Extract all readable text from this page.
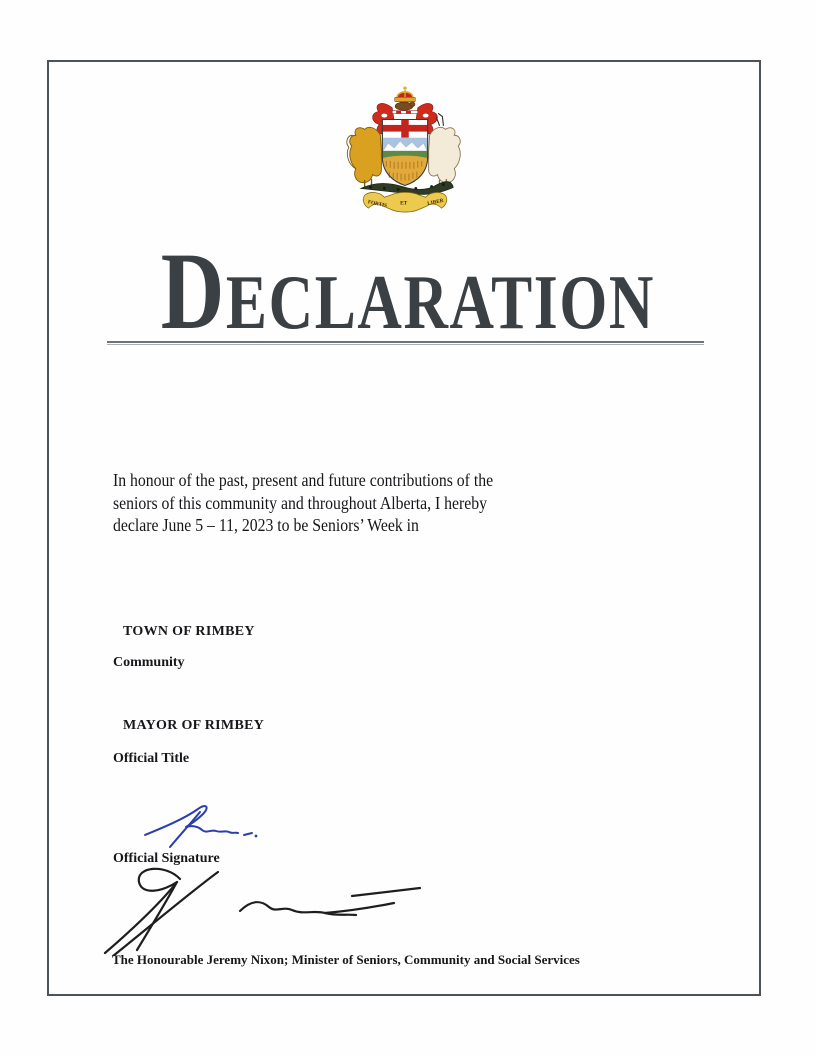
FORTIS ET	LIBER
Declaration
In honour of the past, present and future contributions of the
seniors of this community and throughout Alberta, I hereby
declare June 5 – 11, 2023 to be Seniors’ Week in
TOWN OF RIMBEY
Community
MAYOR OF RIMBEY
Official Title
Official Signature
The Honourable Jeremy Nixon; Minister of Seniors, Community and Social Services
